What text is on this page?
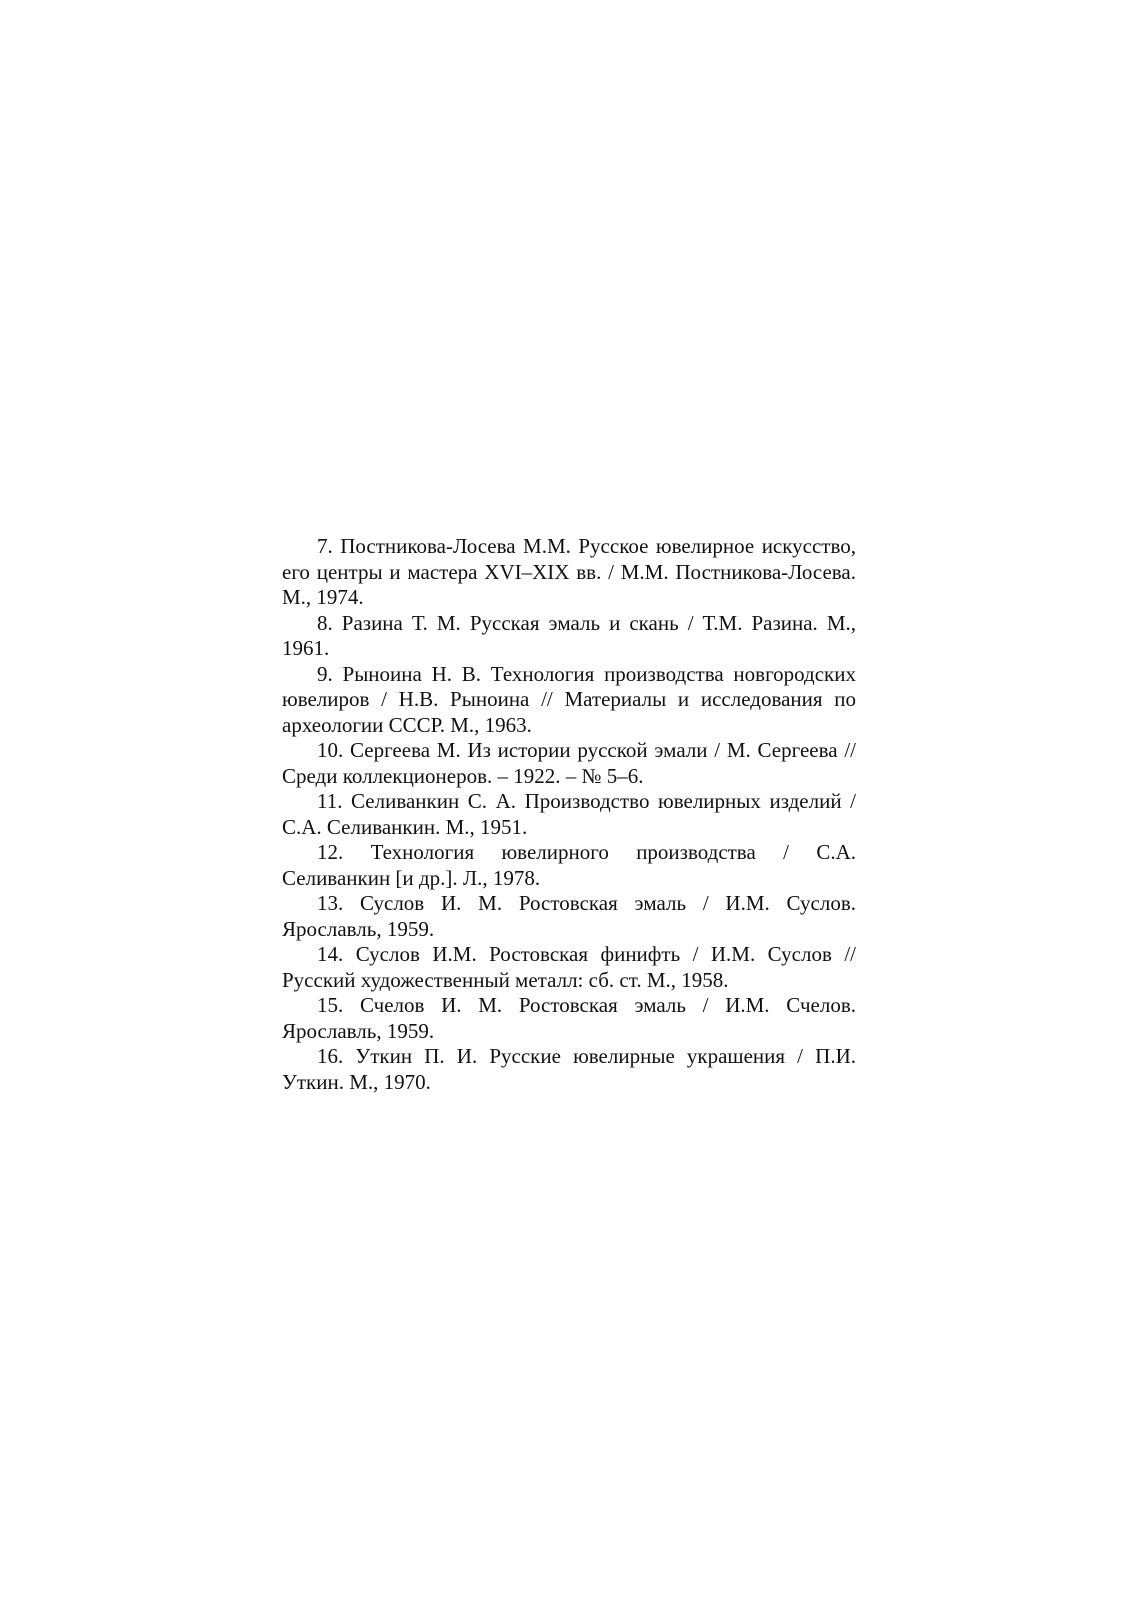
7. Постникова-Лосева М.М. Русское ювелирное искусство, его центры и мастера XVI–XIX вв. / М.М. Постникова-Лосева. М., 1974.
8. Разина Т. М. Русская эмаль и скань / Т.М. Разина. М., 1961.
9. Рыноина Н. В. Технология производства новгородских ювелиров / Н.В. Рыноина // Материалы и исследования по археологии СССР. М., 1963.
10. Сергеева М. Из истории русской эмали / М. Сергеева // Среди коллекционеров. – 1922. – № 5–6.
11. Селиванкин С. А. Производство ювелирных изделий / С.А. Селиванкин. М., 1951.
12. Технология ювелирного производства / С.А. Селиванкин [и др.]. Л., 1978.
13. Суслов И. М. Ростовская эмаль / И.М. Суслов. Ярославль, 1959.
14. Суслов И.М. Ростовская финифть / И.М. Суслов // Русский художественный металл: сб. ст. М., 1958.
15. Счелов И. М. Ростовская эмаль / И.М. Счелов. Ярославль, 1959.
16. Уткин П. И. Русские ювелирные украшения / П.И. Уткин. М., 1970.
